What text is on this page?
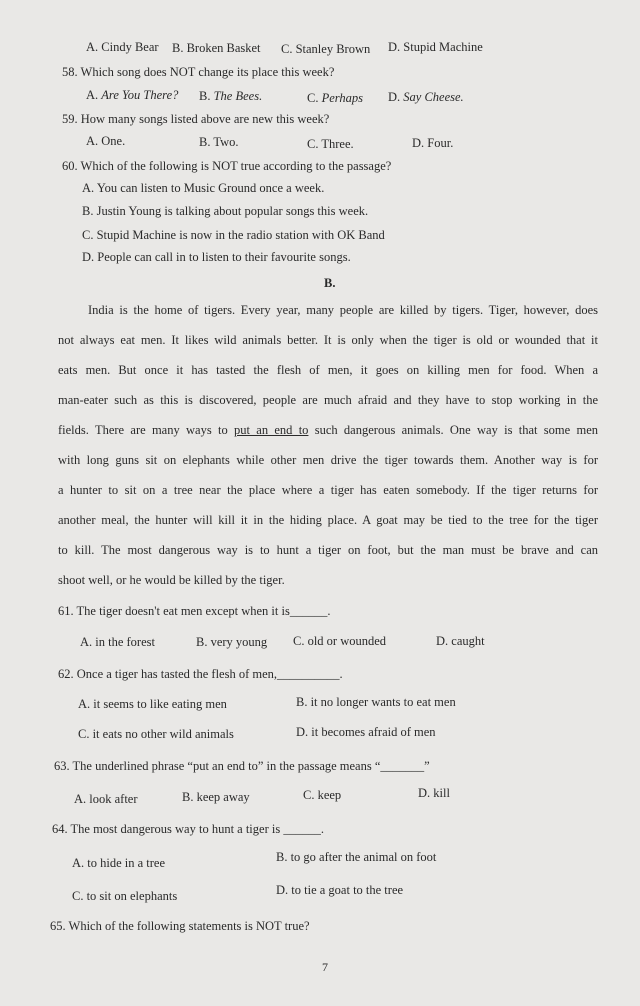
A. Cindy Bear B. Broken Basket C. Stanley Brown D. Stupid Machine
58. Which song does NOT change its place this week?
A. Are You There? B. The Bees.	C. Perhaps D. Say Cheese.
59. How many songs listed above are new this week?
A. One.	B. Two.	C. Three.	D. Four.
60. Which of the following is NOT true according to the passage?
A. You can listen to Music Ground once a week.
B. Justin Young is talking about popular songs this week.
C. Stupid Machine is now in the radio station with OK Band
D. People can call in to listen to their favourite songs.
B.
India is the home of tigers. Every year, many people are killed by tigers. Tiger, however, does
not always eat men. It likes wild animals better. It is only when the tiger is old or wounded that it
eats men. But once it has tasted the flesh of men, it goes on killing men for food. When a
man-eater such as this is discovered, people are much afraid and they have to stop working in the
fields. There are many ways to put an end to such dangerous animals. One way is that some men
with long guns sit on elephants while other men drive the tiger towards them. Another way is for
a hunter to sit on a tree near the place where a tiger has eaten somebody. If the tiger returns for
another meal, the hunter will kill it in the hiding place. A goat may be tied to the tree for the tiger
to kill. The most dangerous way is to hunt a tiger on foot, but the man must be brave and can
shoot well, or he would be killed by the tiger.
61. The tiger doesn't eat men except when it is______.
A. in the forest	B. very young C. old or wounded	D. caught
62. Once a tiger has tasted the flesh of men,__________.
A. it seems to like eating men	B. it no longer wants to eat men
C. it eats no other wild animals	D. it becomes afraid of men
63. The underlined phrase “put an end to” in the passage means “_______”
A. look after	B. keep away	C. keep	D. kill
64. The most dangerous way to hunt a tiger is ______.
A. to hide in a tree	B. to go after the animal on foot
C. to sit on elephants	D. to tie a goat to the tree
65. Which of the following statements is NOT true?
7
